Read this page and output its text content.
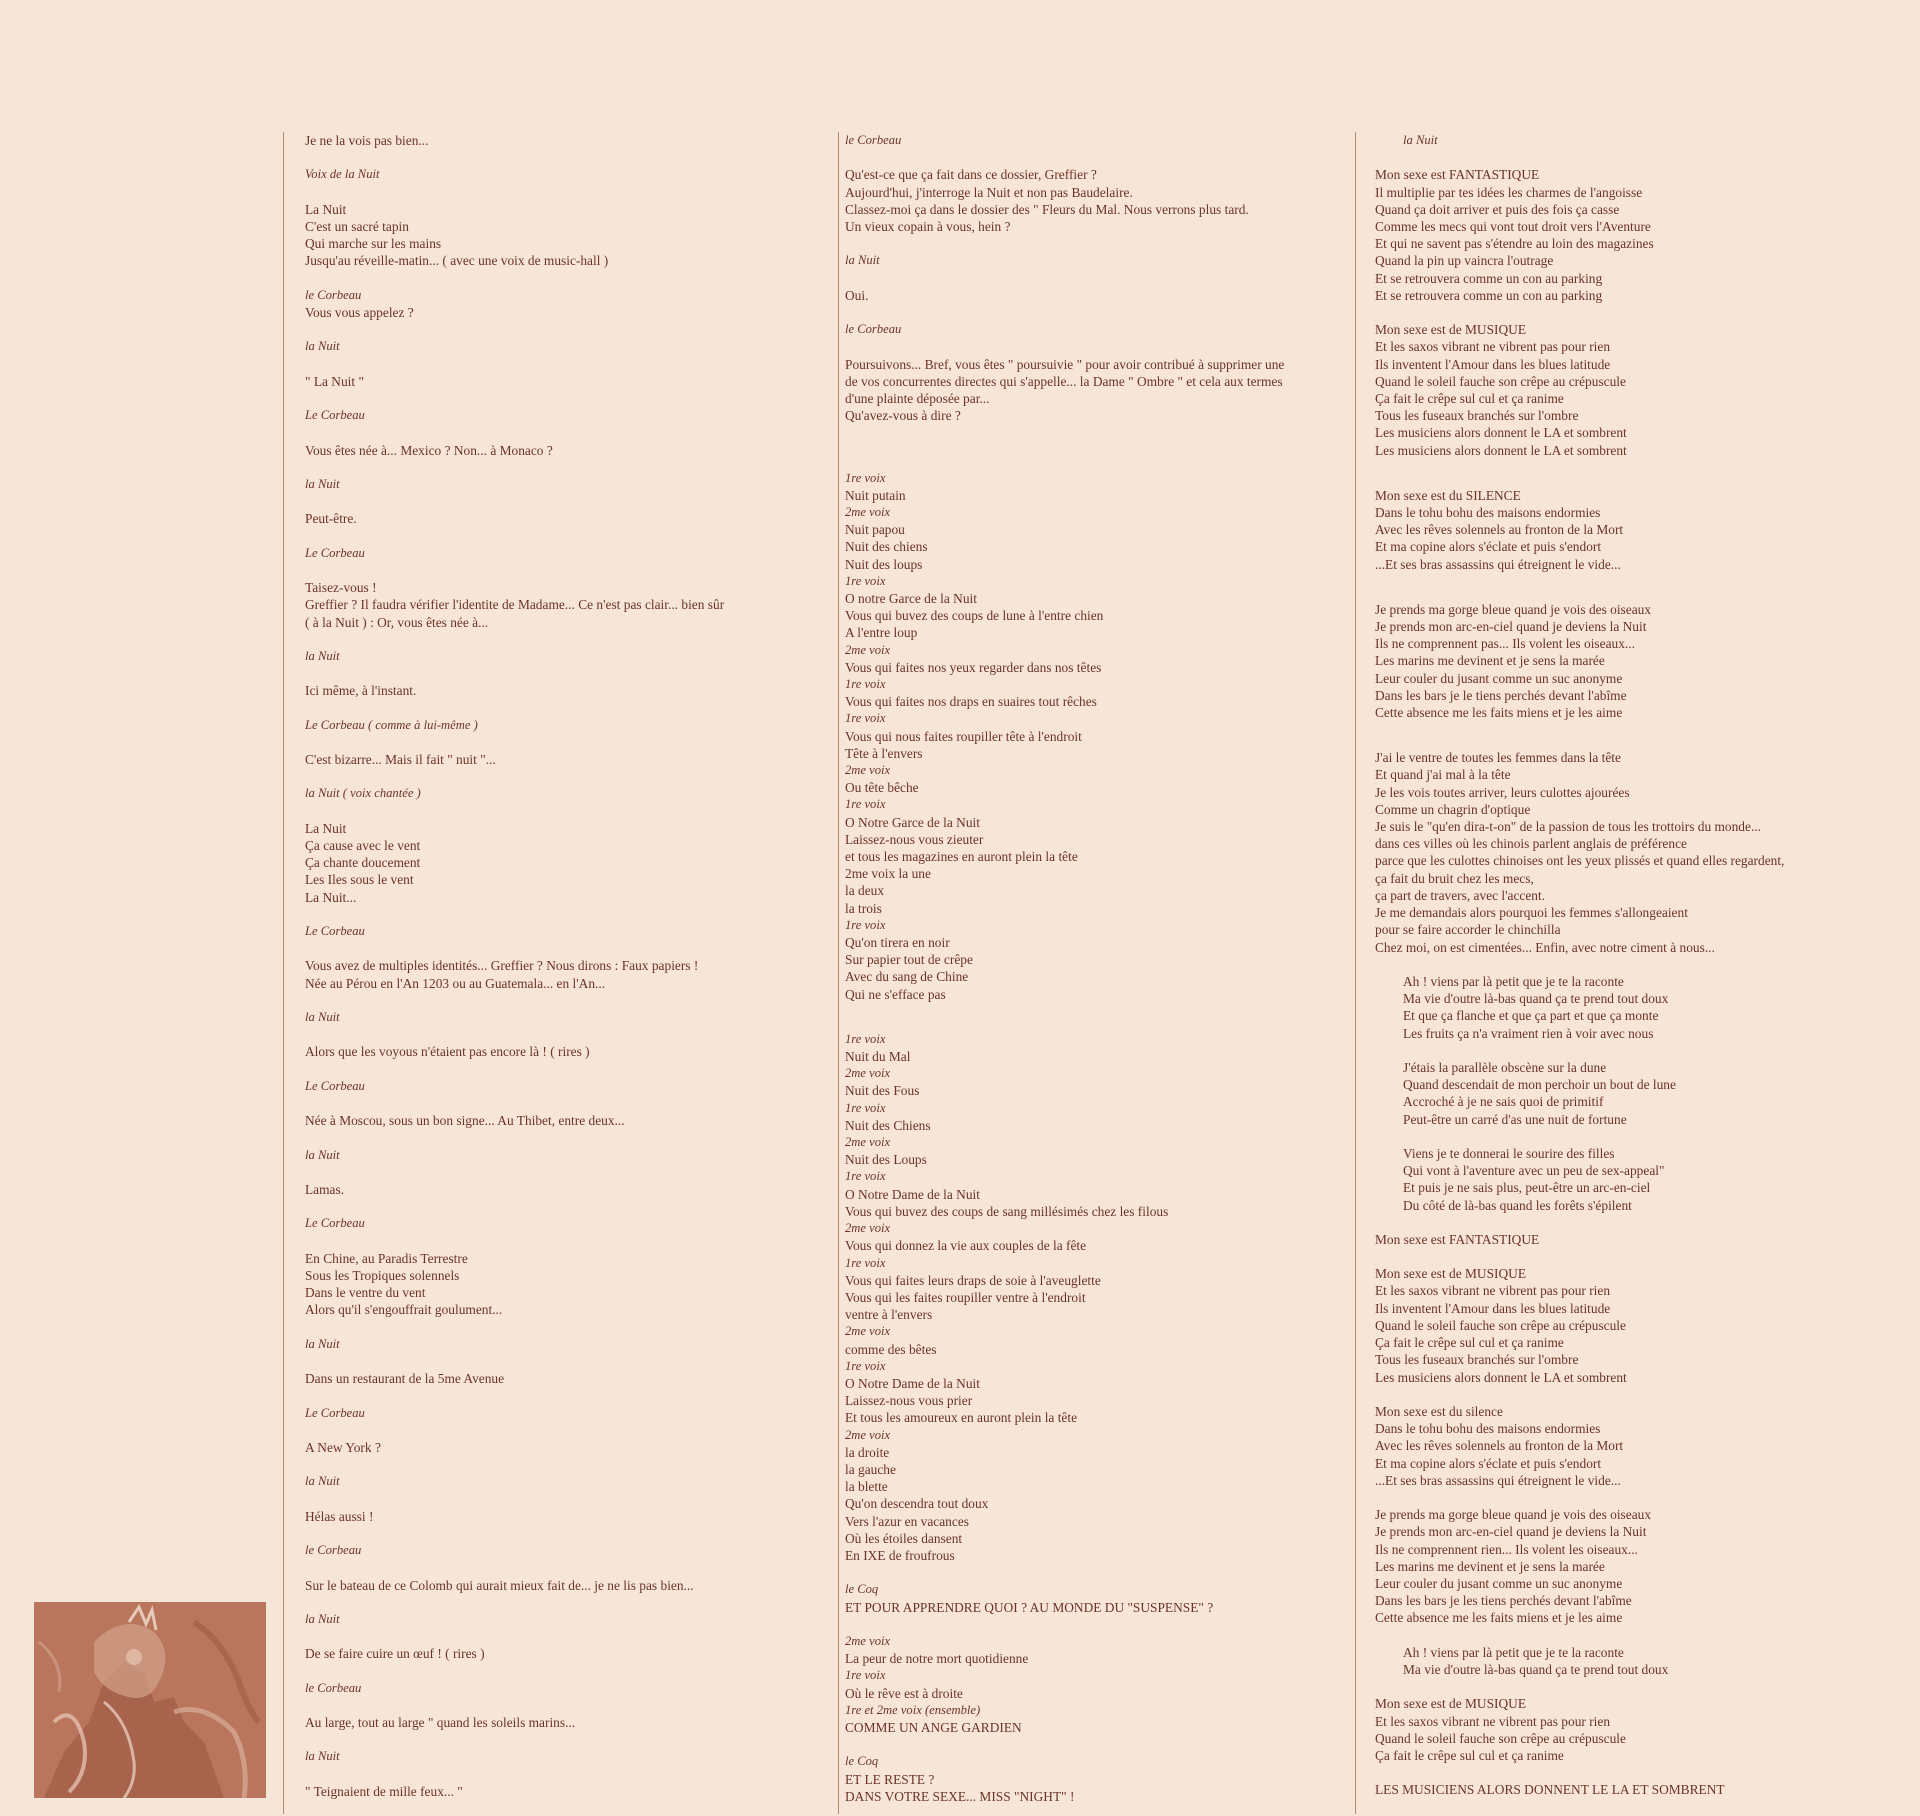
Je ne la vois pas bien...
Voix de la Nuit
La Nuit
C'est un sacré tapin
Qui marche sur les mains
Jusqu'au réveille-matin... ( avec une voix de music-hall )
le Corbeau
Vous vous appelez ?
la Nuit
" La Nuit "
Le Corbeau
Vous êtes née à... Mexico ? Non... à Monaco ?
la Nuit
Peut-être.
Le Corbeau
Taisez-vous !
Greffier ? Il faudra vérifier l'identite de Madame... Ce n'est pas clair... bien sûr
( à la Nuit ) : Or, vous êtes née à...
la Nuit
Ici même, à l'instant.
Le Corbeau ( comme à lui-même )
C'est bizarre... Mais il fait " nuit "...
la Nuit ( voix chantée )
La Nuit
Ça cause avec le vent
Ça chante doucement
Les Iles sous le vent
La Nuit...
Le Corbeau
Vous avez de multiples identités... Greffier ? Nous dirons : Faux papiers !
Née au Pérou en l'An 1203 ou au Guatemala... en l'An...
la Nuit
Alors que les voyous n'étaient pas encore là ! ( rires )
Le Corbeau
Née à Moscou, sous un bon signe... Au Thibet, entre deux...
la Nuit
Lamas.
Le Corbeau
En Chine, au Paradis Terrestre
Sous les Tropiques solennels
Dans le ventre du vent
Alors qu'il s'engouffrait goulument...
la Nuit
Dans un restaurant de la 5me Avenue
Le Corbeau
A New York ?
la Nuit
Hélas aussi !
le Corbeau
Sur le bateau de ce Colomb qui aurait mieux fait de... je ne lis pas bien...
la Nuit
De se faire cuire un œuf ! ( rires )
le Corbeau
Au large, tout au large " quand les soleils marins...
la Nuit
" Teignaient de mille feux... "
le Corbeau
Qu'est-ce que ça fait dans ce dossier, Greffier ?
Aujourd'hui, j'interroge la Nuit et non pas Baudelaire.
Classez-moi ça dans le dossier des " Fleurs du Mal. Nous verrons plus tard.
Un vieux copain à vous, hein ?
la Nuit
Oui.
le Corbeau
Poursuivons... Bref, vous êtes " poursuivie " pour avoir contribué à supprimer une
de vos concurrentes directes qui s'appelle... la Dame " Ombre " et cela aux termes
d'une plainte déposée par...
Qu'avez-vous à dire ?
1re voix
Nuit putain
2me voix
Nuit papou
Nuit des chiens
Nuit des loups
1re voix
O notre Garce de la Nuit
Vous qui buvez des coups de lune à l'entre chien
A l'entre loup
2me voix
Vous qui faites nos yeux regarder dans nos têtes
1re voix
Vous qui faites nos draps en suaires tout rêches
1re voix
Vous qui nous faites roupiller tête à l'endroit
Tête à l'envers
2me voix
Ou tête bêche
1re voix
O Notre Garce de la Nuit
Laissez-nous vous zieuter
et tous les magazines en auront plein la tête
2me voix la une
la deux
la trois
1re voix
Qu'on tirera en noir
Sur papier tout de crêpe
Avec du sang de Chine
Qui ne s'efface pas
1re voix
Nuit du Mal
2me voix
Nuit des Fous
1re voix
Nuit des Chiens
2me voix
Nuit des Loups
1re voix
O Notre Dame de la Nuit
Vous qui buvez des coups de sang millésimés chez les filous
2me voix
Vous qui donnez la vie aux couples de la fête
1re voix
Vous qui faites leurs draps de soie à l'aveuglette
Vous qui les faites roupiller ventre à l'endroit
ventre à l'envers
2me voix
comme des bêtes
1re voix
O Notre Dame de la Nuit
Laissez-nous vous prier
Et tous les amoureux en auront plein la tête
2me voix
la droite
la gauche
la blette
Qu'on descendra tout doux
Vers l'azur en vacances
Où les étoiles dansent
En IXE de froufrous
le Coq
ET POUR APPRENDRE QUOI ? AU MONDE DU "SUSPENSE" ?
2me voix
La peur de notre mort quotidienne
1re voix
Où le rêve est à droite
1re et 2me voix (ensemble)
COMME UN ANGE GARDIEN
le Coq
ET LE RESTE ?
DANS VOTRE SEXE... MISS "NIGHT" !
la Nuit
Mon sexe est FANTASTIQUE
Il multiplie par tes idées les charmes de l'angoisse
Quand ça doit arriver et puis des fois ça casse
Comme les mecs qui vont tout droit vers l'Aventure
Et qui ne savent pas s'étendre au loin des magazines
Quand la pin up vaincra l'outrage
Et se retrouvera comme un con au parking
Et se retrouvera comme un con au parking
Mon sexe est de MUSIQUE
Et les saxos vibrant ne vibrent pas pour rien
Ils inventent l'Amour dans les blues latitude
Quand le soleil fauche son crêpe au crépuscule
Ça fait le crêpe sul cul et ça ranime
Tous les fuseaux branchés sur l'ombre
Les musiciens alors donnent le LA et sombrent
Les musiciens alors donnent le LA et sombrent
Mon sexe est du SILENCE
Dans le tohu bohu des maisons endormies
Avec les rêves solennels au fronton de la Mort
Et ma copine alors s'éclate et puis s'endort
...Et ses bras assassins qui étreignent le vide...
Je prends ma gorge bleue quand je vois des oiseaux
Je prends mon arc-en-ciel quand je deviens la Nuit
Ils ne comprennent pas... Ils volent les oiseaux...
Les marins me devinent et je sens la marée
Leur couler du jusant comme un suc anonyme
Dans les bars je le tiens perchés devant l'abîme
Cette absence me les faits miens et je les aime
J'ai le ventre de toutes les femmes dans la tête
Et quand j'ai mal à la tête
Je les vois toutes arriver, leurs culottes ajourées
Comme un chagrin d'optique
Je suis le "qu'en dira-t-on" de la passion de tous les trottoirs du monde...
dans ces villes où les chinois parlent anglais de préférence
parce que les culottes chinoises ont les yeux plissés et quand elles regardent,
ça fait du bruit chez les mecs,
ça part de travers, avec l'accent.
Je me demandais alors pourquoi les femmes s'allongeaient
pour se faire accorder le chinchilla
Chez moi, on est cimentées... Enfin, avec notre ciment à nous...
Ah ! viens par là petit que je te la raconte
Ma vie d'outre là-bas quand ça te prend tout doux
Et que ça flanche et que ça part et que ça monte
Les fruits ça n'a vraiment rien à voir avec nous
J'étais la parallèle obscène sur la dune
Quand descendait de mon perchoir un bout de lune
Accroché à je ne sais quoi de primitif
Peut-être un carré d'as une nuit de fortune
Viens je te donnerai le sourire des filles
Qui vont à l'aventure avec un peu de sex-appeal"
Et puis je ne sais plus, peut-être un arc-en-ciel
Du côté de là-bas quand les forêts s'épilent
Mon sexe est FANTASTIQUE
Mon sexe est de MUSIQUE
Et les saxos vibrant ne vibrent pas pour rien
Ils inventent l'Amour dans les blues latitude
Quand le soleil fauche son crêpe au crépuscule
Ça fait le crêpe sul cul et ça ranime
Tous les fuseaux branchés sur l'ombre
Les musiciens alors donnent le LA et sombrent
Mon sexe est du silence
Dans le tohu bohu des maisons endormies
Avec les rêves solennels au fronton de la Mort
Et ma copine alors s'éclate et puis s'endort
...Et ses bras assassins qui étreignent le vide...
Je prends ma gorge bleue quand je vois des oiseaux
Je prends mon arc-en-ciel quand je deviens la Nuit
Ils ne comprennent rien... Ils volent les oiseaux...
Les marins me devinent et je sens la marée
Leur couler du jusant comme un suc anonyme
Dans les bars je les tiens perchés devant l'abîme
Cette absence me les faits miens et je les aime
Ah ! viens par là petit que je te la raconte
Ma vie d'outre là-bas quand ça te prend tout doux
Mon sexe est de MUSIQUE
Et les saxos vibrant ne vibrent pas pour rien
Quand le soleil fauche son crêpe au crépuscule
Ça fait le crêpe sul cul et ça ranime
LES MUSICIENS ALORS DONNENT LE LA ET SOMBRENT
